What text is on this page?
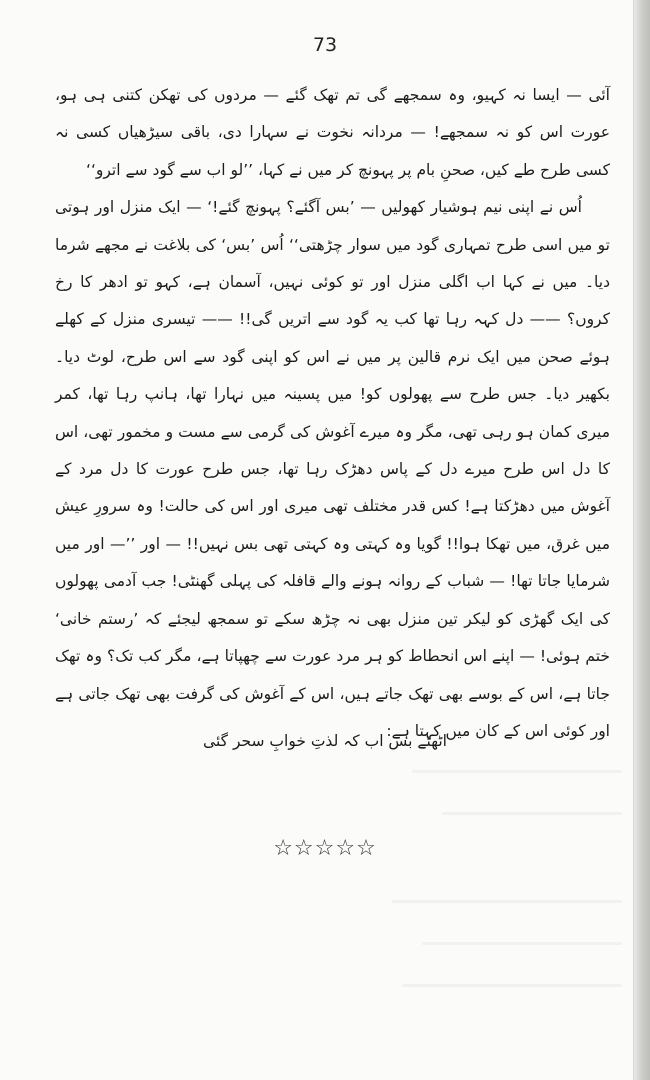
73

آئی — ایسا نہ کہیو، وہ سمجھے گی تم تھک گئے — مردوں کی تھکن کتنی ہی ہو، عورت اس کو نہ سمجھے! — مردانہ نخوت نے سہارا دی، باقی سیڑھیاں کسی نہ کسی طرح طے کیں، صحنِ بام پر پہونچ کر میں نے کہا، ’’لو اب سے گود سے اترو‘‘

اُس نے اپنی نیم ہوشیار کھولیں — ’بس آگئے؟ پہونچ گئے!‘ — ایک منزل اور ہوتی تو میں اسی طرح تمہاری گود میں سوار چڑھتی‘‘ اُس ’بس‘ کی بلاغت نے مجھے شرما دیا۔ میں نے کہا اب اگلی منزل اور تو کوئی نہیں، آسمان ہے، کہو تو ادھر کا رخ کروں؟ —— دل کہہ رہا تھا کب یہ گود سے اتریں گی!! —— تیسری منزل کے کھلے ہوئے صحن میں ایک نرم قالین پر میں نے اس کو اپنی گود سے اس طرح، لوٹ دیا۔ بکھیر دیا۔ جس طرح سے پھولوں کو! میں پسینہ میں نہارا تھا، ہانپ رہا تھا، کمر میری کمان ہو رہی تھی، مگر وہ میرے آغوش کی گرمی سے مست و مخمور تھی، اس کا دل اس طرح میرے دل کے پاس دھڑک رہا تھا، جس طرح عورت کا دل مرد کے آغوش میں دھڑکتا ہے! کس قدر مختلف تھی میری اور اس کی حالت! وہ سرورِ عیش میں غرق، میں تھکا ہوا!! گویا وہ کہتی وہ کہتی تھی بس نہیں!! — اور ’’— اور میں شرمایا جاتا تھا! — شباب کے روانہ ہونے والے قافلہ کی پہلی گھنٹی! جب آدمی پھولوں کی ایک گھڑی کو لیکر تین منزل بھی نہ چڑھ سکے تو سمجھ لیجئے کہ ’رستم خانی‘ ختم ہوئی! — اپنے اس انحطاط کو ہر مرد عورت سے چھپاتا ہے، مگر کب تک؟ وہ تھک جاتا ہے، اس کے بوسے بھی تھک جاتے ہیں، اس کے آغوش کی گرفت بھی تھک جاتی ہے اور کوئی اس کے کان میں کہتا ہے:

اٹھئے بس اب کہ لذتِ خوابِ سحر گئی
☆☆☆☆☆
